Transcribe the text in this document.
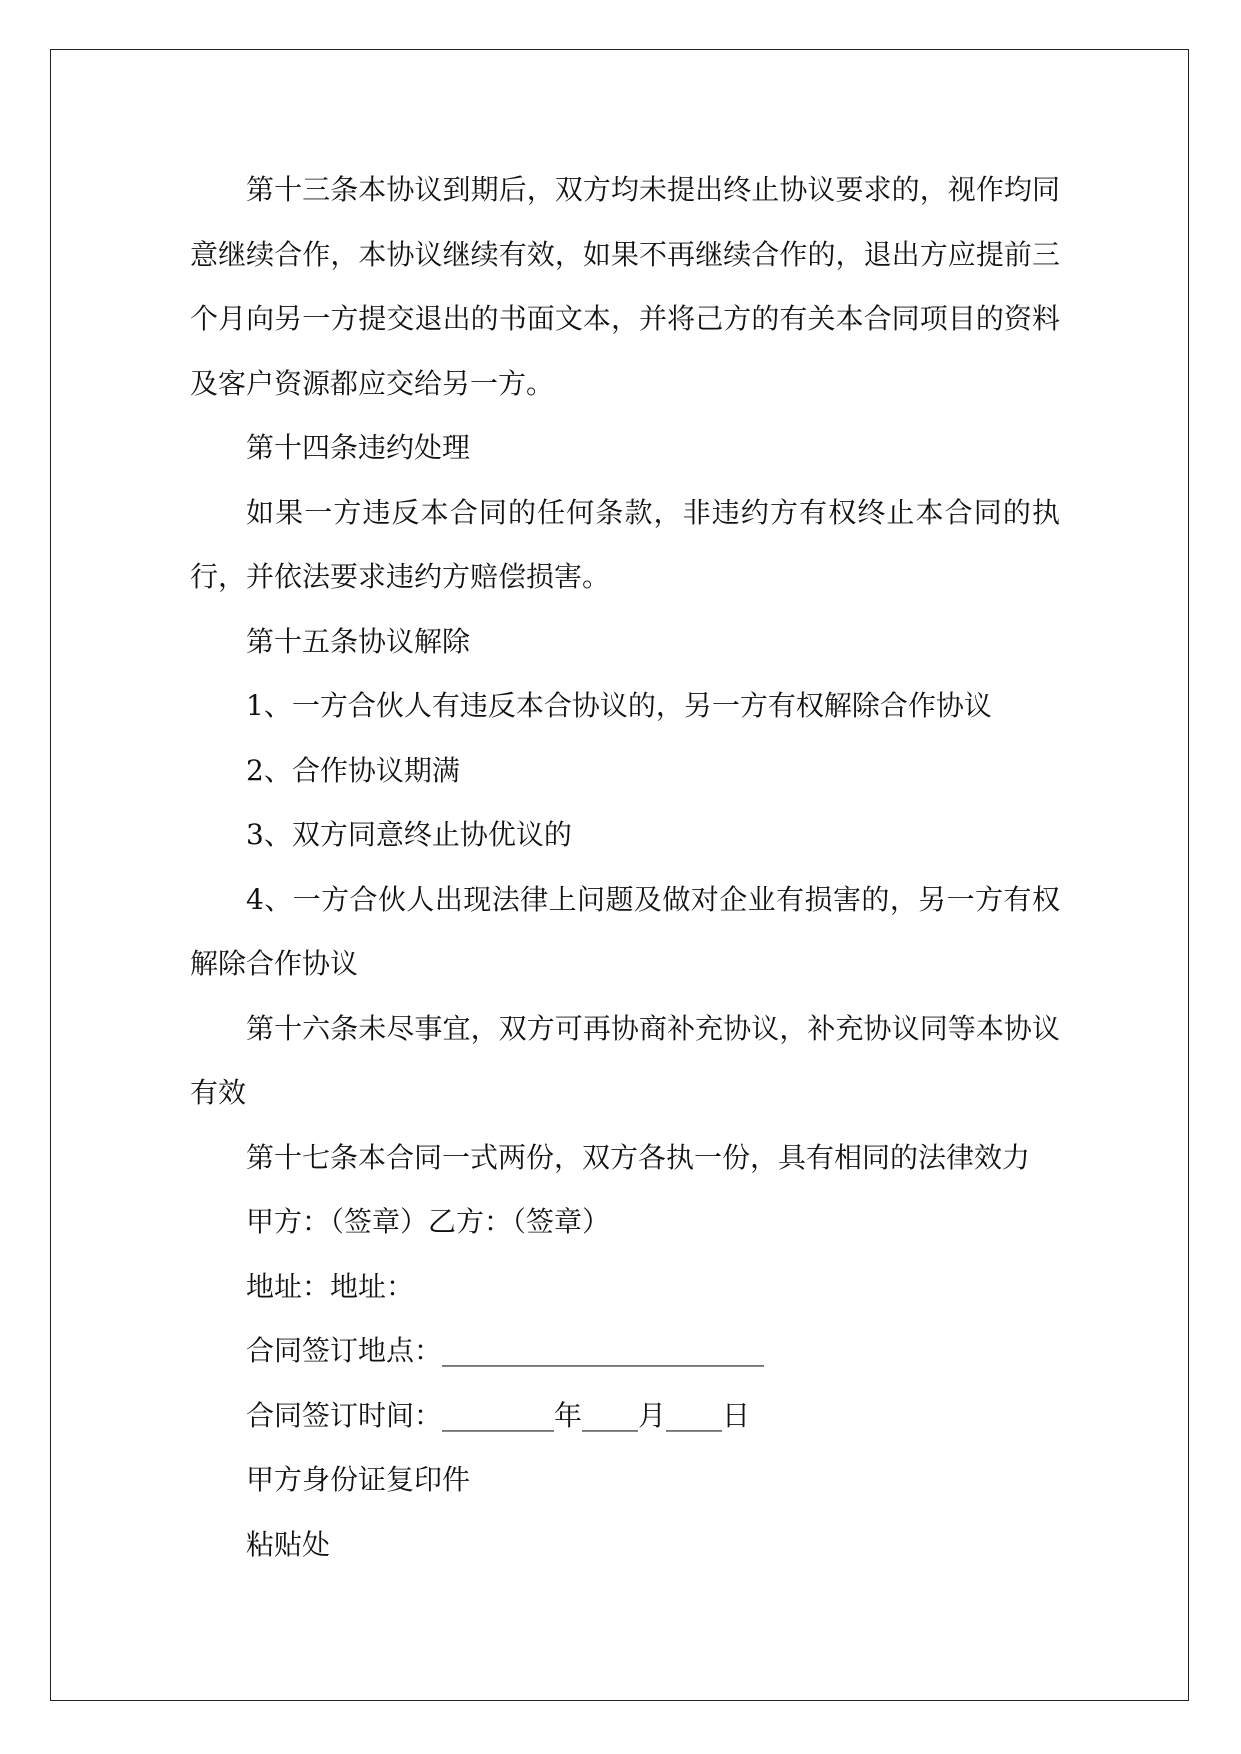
第十三条本协议到期后，双方均未提出终止协议要求的，视作均同意继续合作，本协议继续有效，如果不再继续合作的，退出方应提前三个月向另一方提交退出的书面文本，并将己方的有关本合同项目的资料及客户资源都应交给另一方。

第十四条违约处理

如果一方违反本合同的任何条款，非违约方有权终止本合同的执行，并依法要求违约方赔偿损害。

第十五条协议解除

1、一方合伙人有违反本合协议的，另一方有权解除合作协议

2、合作协议期满

3、双方同意终止协优议的

4、一方合伙人出现法律上问题及做对企业有损害的，另一方有权解除合作协议

第十六条未尽事宜，双方可再协商补充协议，补充协议同等本协议有效

第十七条本合同一式两份，双方各执一份，具有相同的法律效力

甲方：（签章）乙方：（签章）

地址：地址：

合同签订地点：_______________________

合同签订时间：________年____月____日

甲方身份证复印件

粘贴处
